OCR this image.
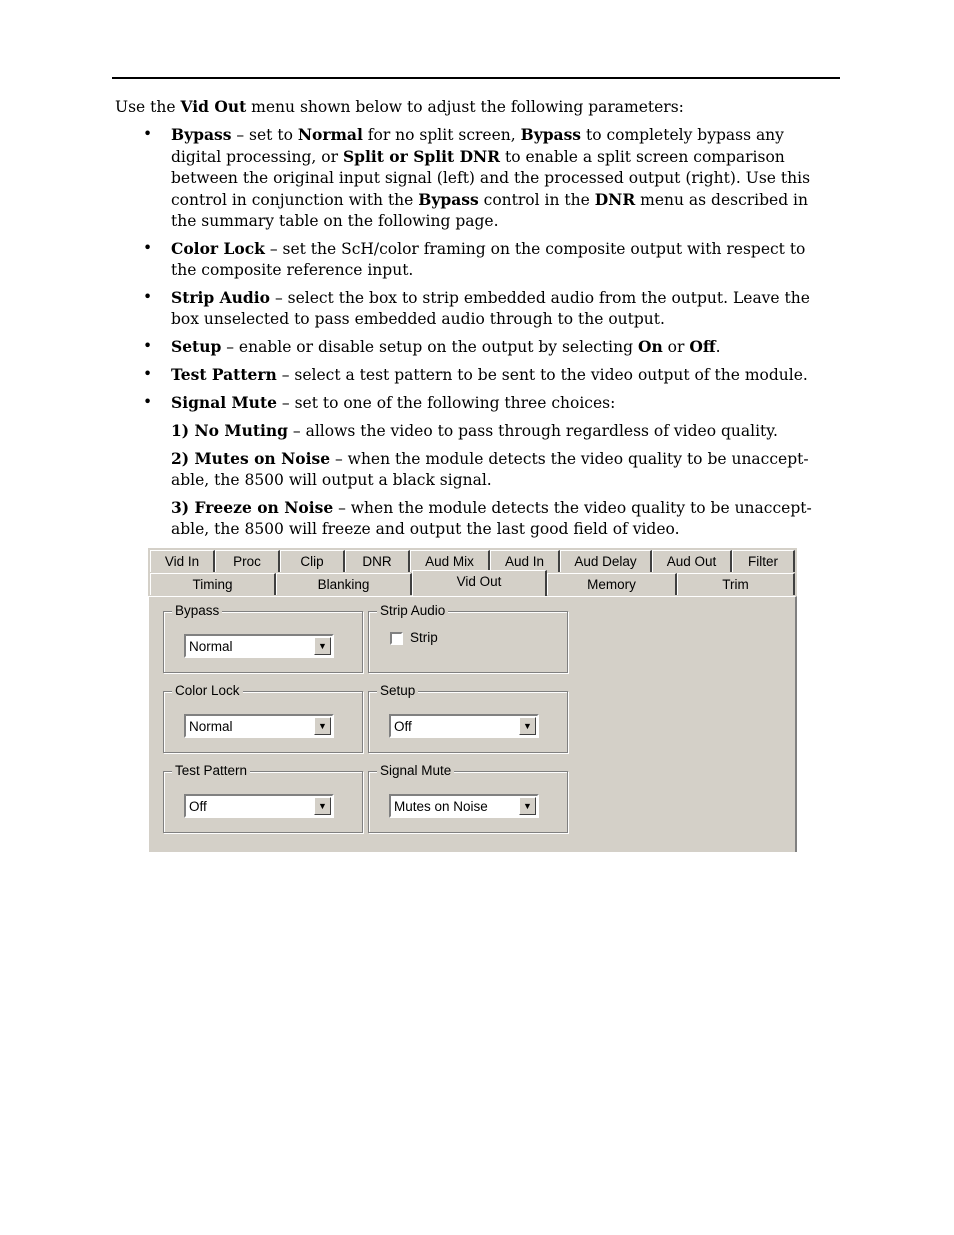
Use the Vid Out menu shown below to adjust the following parameters:

• Bypass – set to Normal for no split screen, Bypass to completely bypass any digital processing, or Split or Split DNR to enable a split screen comparison between the original input signal (left) and the processed output (right). Use this control in conjunction with the Bypass control in the DNR menu as described in the summary table on the following page.
• Color Lock – set the ScH/color framing on the composite output with respect to the composite reference input.
• Strip Audio – select the box to strip embedded audio from the output. Leave the box unselected to pass embedded audio through to the output.
• Setup – enable or disable setup on the output by selecting On or Off.
• Test Pattern – select a test pattern to be sent to the video output of the module.
• Signal Mute – set to one of the following three choices:

1) No Muting – allows the video to pass through regardless of video quality.

2) Mutes on Noise – when the module detects the video quality to be unaccept-able, the 8500 will output a black signal.

3) Freeze on Noise – when the module detects the video quality to be unaccept-able, the 8500 will freeze and output the last good field of video.

Vid In	Proc	Clip	DNR	Aud Mix	Aud In	Aud Delay	Aud Out	Filter
Timing	Blanking	Vid Out	Memory	Trim
Bypass
Normal	▼
Strip Audio
Strip
Color Lock
Normal	▼
Setup
Off	▼
Test Pattern
Off	▼
Signal Mute
Mutes on Noise	▼
